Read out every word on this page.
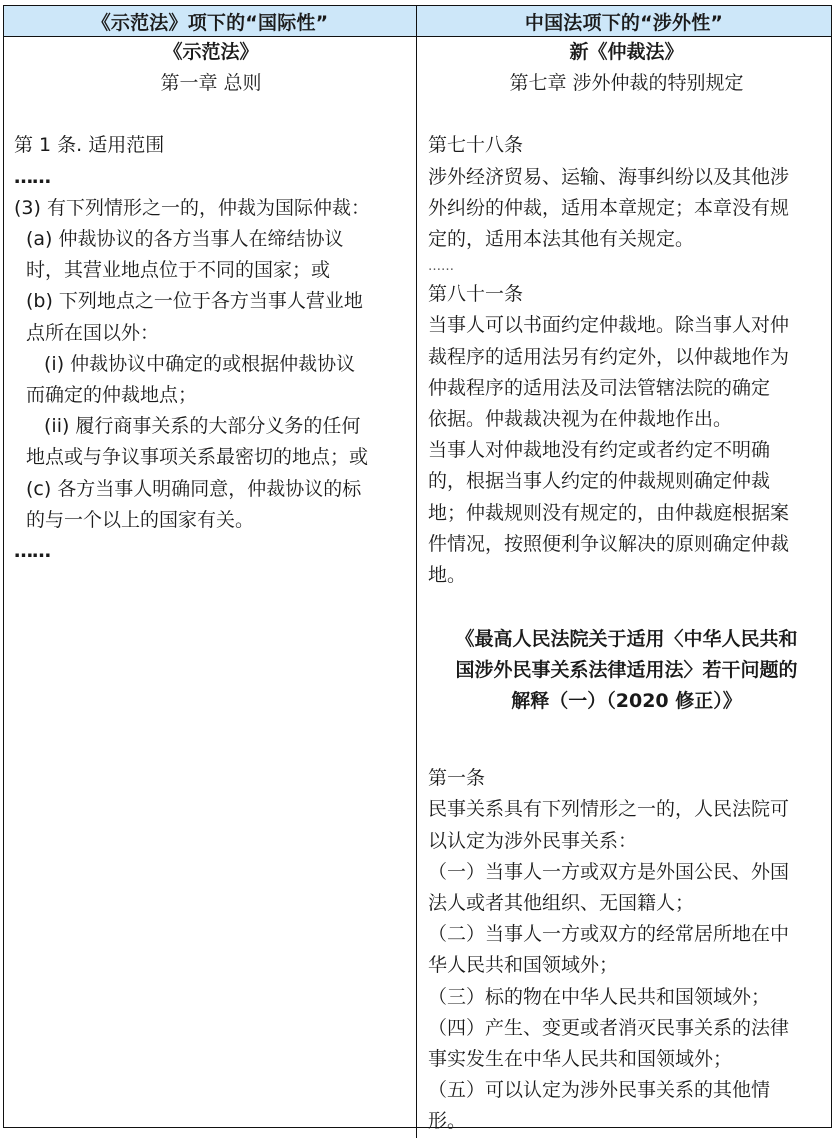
《示范法》项下的“国际性”	中国法项下的“涉外性”
《示范法》
第一章 总则
第 1 条. 适用范围
……
(3) 有下列情形之一的，仲裁为国际仲裁：
(a) 仲裁协议的各方当事人在缔结协议
时，其营业地点位于不同的国家；或
(b) 下列地点之一位于各方当事人营业地
点所在国以外：
(i) 仲裁协议中确定的或根据仲裁协议
而确定的仲裁地点；
(ii) 履行商事关系的大部分义务的任何
地点或与争议事项关系最密切的地点；或
(c) 各方当事人明确同意，仲裁协议的标
的与一个以上的国家有关。
……
新《仲裁法》
第七章 涉外仲裁的特别规定
第七十八条
涉外经济贸易、运输、海事纠纷以及其他涉
外纠纷的仲裁，适用本章规定；本章没有规
定的，适用本法其他有关规定。
……
第八十一条
当事人可以书面约定仲裁地。除当事人对仲
裁程序的适用法另有约定外，以仲裁地作为
仲裁程序的适用法及司法管辖法院的确定
依据。仲裁裁决视为在仲裁地作出。
当事人对仲裁地没有约定或者约定不明确
的，根据当事人约定的仲裁规则确定仲裁
地；仲裁规则没有规定的，由仲裁庭根据案
件情况，按照便利争议解决的原则确定仲裁
地。
《最高人民法院关于适用〈中华人民共和
国涉外民事关系法律适用法〉若干问题的
解释（一）（2020 修正）》
第一条
民事关系具有下列情形之一的，人民法院可
以认定为涉外民事关系：
（一）当事人一方或双方是外国公民、外国
法人或者其他组织、无国籍人；
（二）当事人一方或双方的经常居所地在中
华人民共和国领域外；
（三）标的物在中华人民共和国领域外；
（四）产生、变更或者消灭民事关系的法律
事实发生在中华人民共和国领域外；
（五）可以认定为涉外民事关系的其他情
形。
